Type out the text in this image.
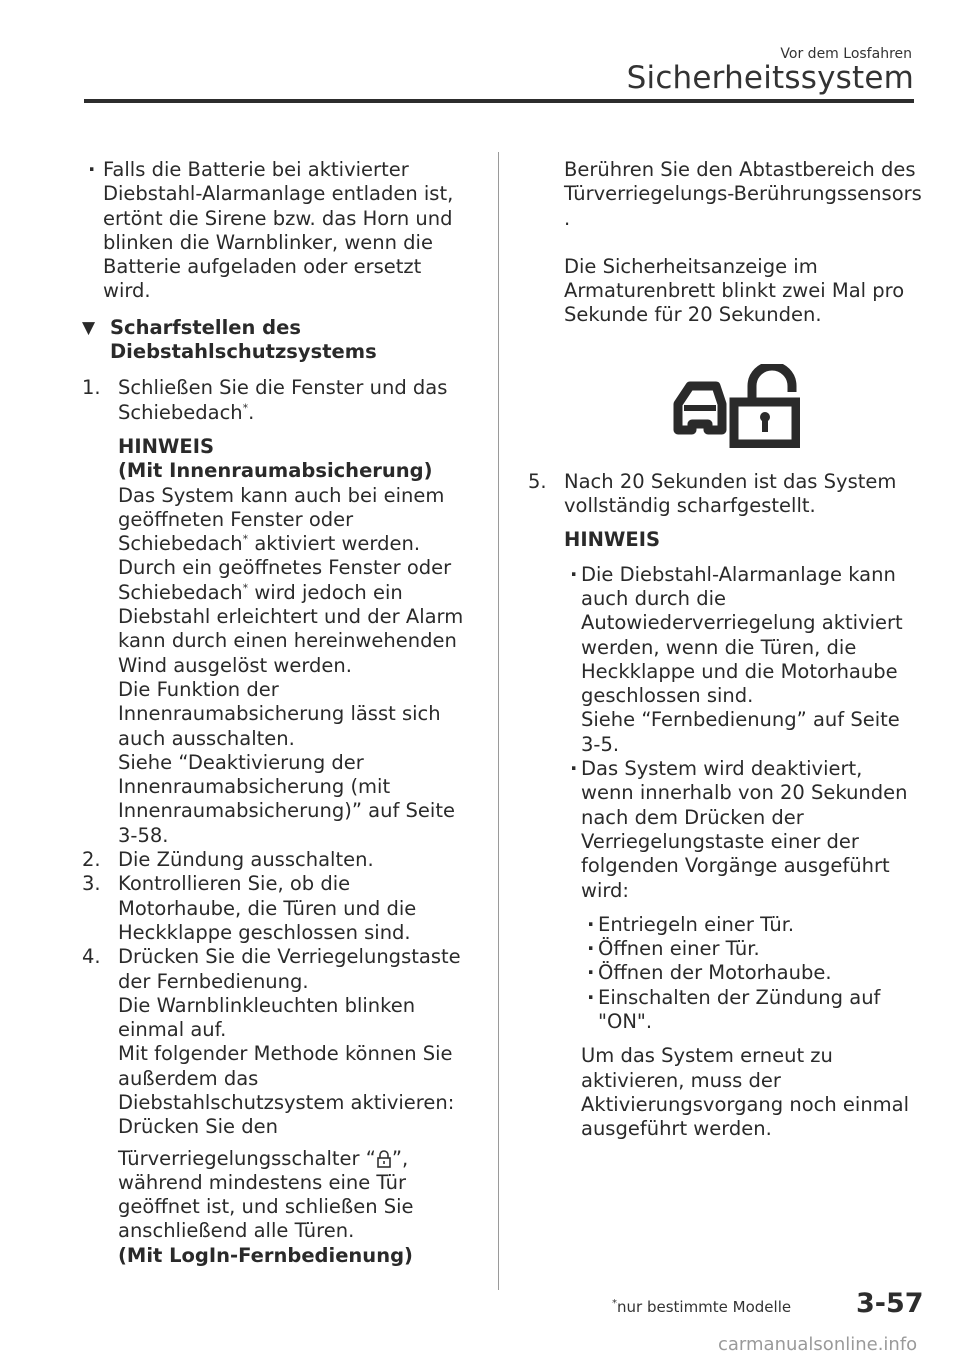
Vor dem Losfahren
Sicherheitssystem
· Falls die Batterie bei aktivierter
Diebstahl-Alarmanlage entladen ist,
ertönt die Sirene bzw. das Horn und
blinken die Warnblinker, wenn die
Batterie aufgeladen oder ersetzt
wird.
▼ Scharfstellen des
Diebstahlschutzsystems
1. Schließen Sie die Fenster und das
Schiebedach*.
HINWEIS
(Mit Innenraumabsicherung)
Das System kann auch bei einem
geöffneten Fenster oder
Schiebedach* aktiviert werden.
Durch ein geöffnetes Fenster oder
Schiebedach* wird jedoch ein
Diebstahl erleichtert und der Alarm
kann durch einen hereinwehenden
Wind ausgelöst werden.
Die Funktion der
Innenraumabsicherung lässt sich
auch ausschalten.
Siehe “Deaktivierung der
Innenraumabsicherung (mit
Innenraumabsicherung)” auf Seite
3-58.
2. Die Zündung ausschalten.
3. Kontrollieren Sie, ob die
Motorhaube, die Türen und die
Heckklappe geschlossen sind.
4. Drücken Sie die Verriegelungstaste
der Fernbedienung.
Die Warnblinkleuchten blinken
einmal auf.
Mit folgender Methode können Sie
außerdem das
Diebstahlschutzsystem aktivieren:
Drücken Sie den
Türverriegelungsschalter “ ”,
während mindestens eine Tür
geöffnet ist, und schließen Sie
anschließend alle Türen.
(Mit LogIn-Fernbedienung)
Berühren Sie den Abtastbereich des
Türverriegelungs-Berührungssensors
.
Die Sicherheitsanzeige im
Armaturenbrett blinkt zwei Mal pro
Sekunde für 20 Sekunden.
5. Nach 20 Sekunden ist das System
vollständig scharfgestellt.
HINWEIS
· Die Diebstahl-Alarmanlage kann
auch durch die
Autowiederverriegelung aktiviert
werden, wenn die Türen, die
Heckklappe und die Motorhaube
geschlossen sind.
Siehe “Fernbedienung” auf Seite
3-5.
· Das System wird deaktiviert,
wenn innerhalb von 20 Sekunden
nach dem Drücken der
Verriegelungstaste einer der
folgenden Vorgänge ausgeführt
wird:
· Entriegeln einer Tür.
· Öffnen einer Tür.
· Öffnen der Motorhaube.
· Einschalten der Zündung auf
"ON".
Um das System erneut zu
aktivieren, muss der
Aktivierungsvorgang noch einmal
ausgeführt werden.
*nur bestimmte Modelle 3-57
carmanualsonline.info
